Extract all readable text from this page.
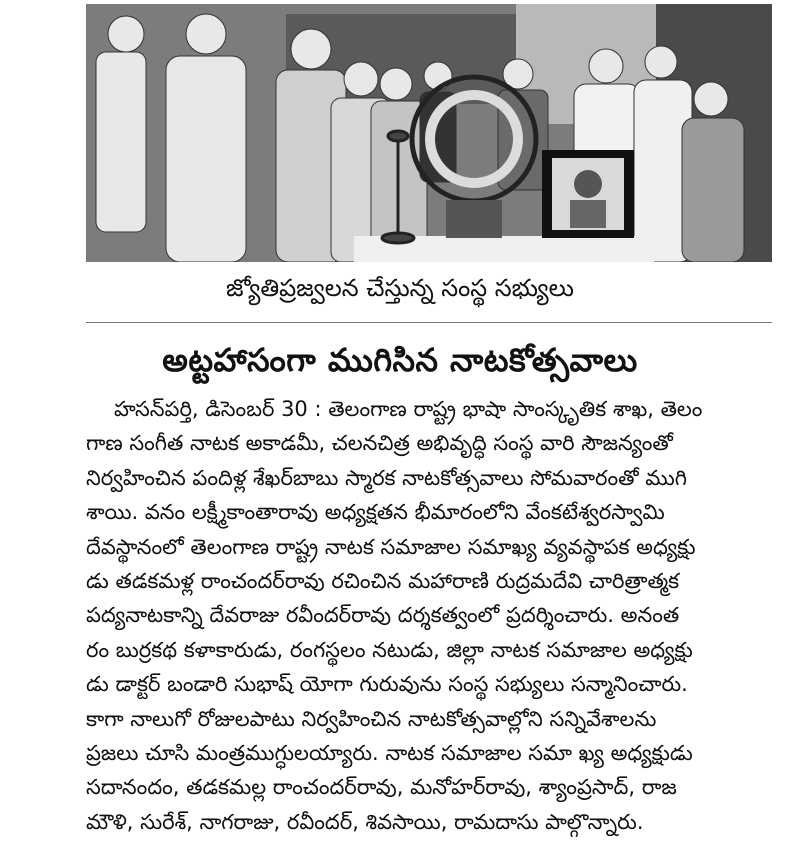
జ్యోతిప్రజ్వలన చేస్తున్న సంస్థ సభ్యులు
అట్టహాసంగా ముగిసిన నాటకోత్సవాలు
హసన్‌పర్తి, డిసెంబర్ 30 : తెలంగాణ రాష్ట్ర భాషా సాంస్కృతిక శాఖ, తెలం
గాణ సంగీత నాటక అకాడమీ, చలనచిత్ర అభివృద్ధి సంస్థ వారి సౌజన్యంతో
నిర్వహించిన పందిళ్ల శేఖర్‌బాబు స్మారక నాటకోత్సవాలు సోమవారంతో ముగి
శాయి. వనం లక్ష్మీకాంతారావు అధ్యక్షతన భీమారంలోని వేంకటేశ్వరస్వామి
దేవస్థానంలో తెలంగాణ రాష్ట్ర నాటక సమాజాల సమాఖ్య వ్యవస్థాపక అధ్యక్షు
డు తడకమళ్ల రాంచందర్‌రావు రచించిన మహారాణి రుద్రమదేవి చారిత్రాత్మక
పద్యనాటకాన్ని దేవరాజు రవీందర్‌రావు దర్శకత్వంలో ప్రదర్శించారు. అనంత
రం బుర్రకథ కళాకారుడు, రంగస్థలం నటుడు, జిల్లా నాటక సమాజాల అధ్యక్షు
డు డాక్టర్ బండారి సుభాష్ యోగా గురువును సంస్థ సభ్యులు సన్మానించారు.
కాగా నాలుగో రోజులపాటు నిర్వహించిన నాటకోత్సవాల్లోని సన్నివేశాలను
ప్రజలు చూసి మంత్రముగ్ధులయ్యారు. నాటక సమాజాల సమా ఖ్య అధ్యక్షుడు
సదానందం, తడకమల్ల రాంచందర్‌రావు, మనోహర్‌రావు, శ్యాంప్రసాద్, రాజ
మౌళి, సురేశ్, నాగరాజు, రవీందర్, శివసాయి, రామదాసు పాల్గొన్నారు.
